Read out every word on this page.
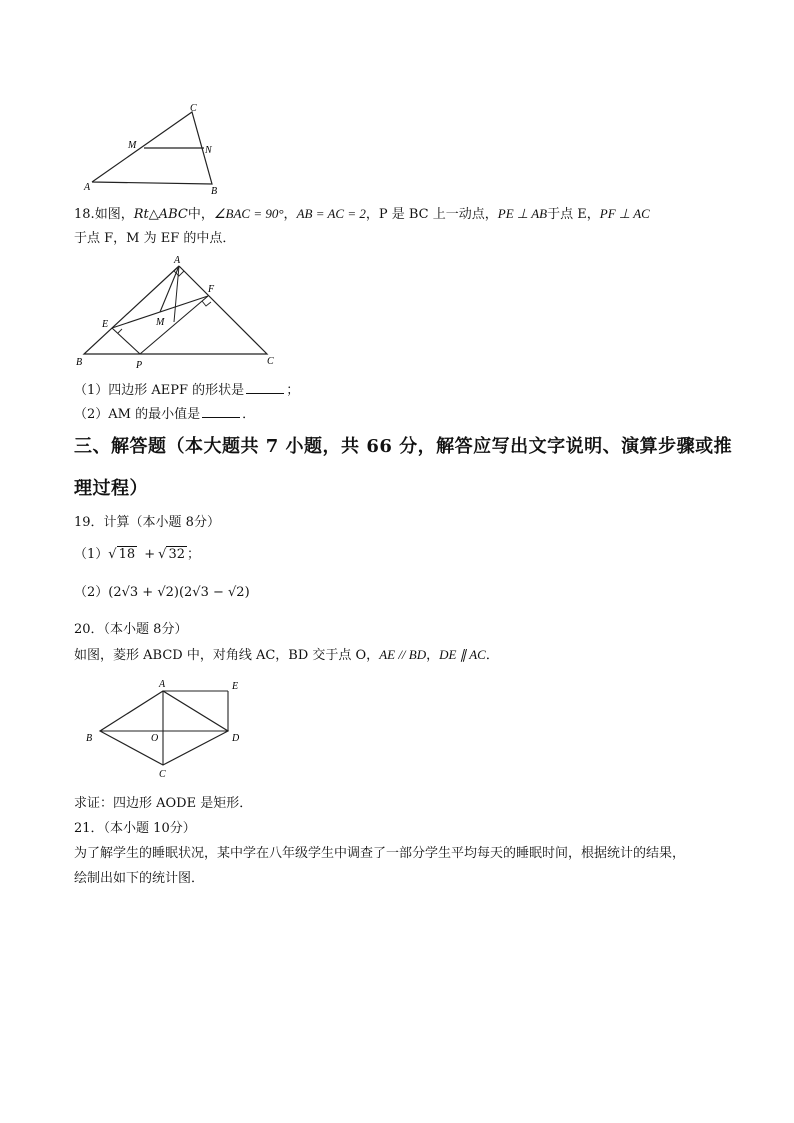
C
M	N
A	B
18.如图，Rt△ABC中，∠BAC = 90°，AB = AC = 2，P 是 BC 上一动点，PE ⊥ AB于点 E，PF ⊥ AC
于点 F，M 为 EF 的中点．
A
F
E	M
B	P	C
（1）四边形 AEPF 的形状是	；
（2）AM 的最小值是	．
三、解答题（本大题共 7 小题，共 66 分，解答应写出文字说明、演算步骤或推
理过程）
19．计算（本小题 8分）
（1）√ 18 + √ 32 ；
（2）(2√3 + √2)(2√3 − √2)
20．（本小题 8分）
如图，菱形 ABCD 中，对角线 AC，BD 交于点 O，AE // BD，DE ∥ AC．
A	E
B	O	D
C
求证：四边形 AODE 是矩形．
21．（本小题 10分）
为了解学生的睡眠状况，某中学在八年级学生中调查了一部分学生平均每天的睡眠时间，根据统计的结果，
绘制出如下的统计图．
